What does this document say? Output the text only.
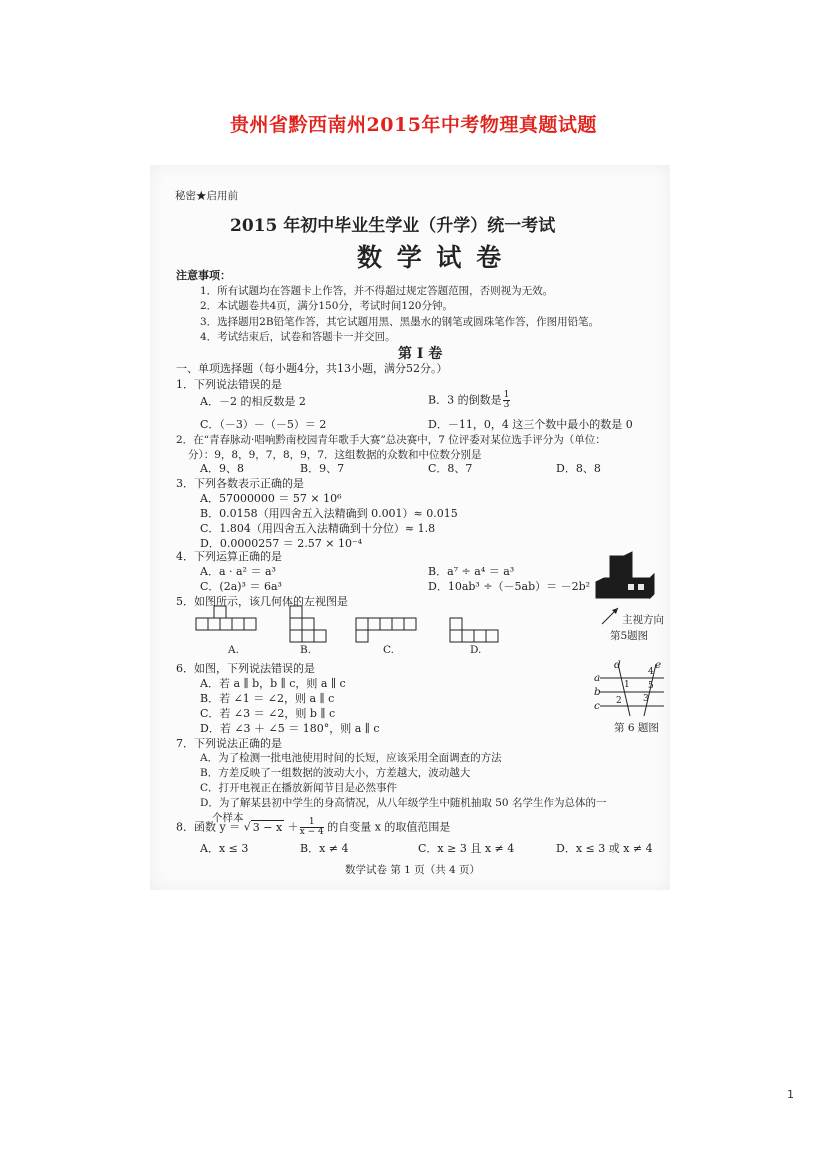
贵州省黔西南州2015年中考物理真题试题
秘密★启用前
2015 年初中毕业生学业（升学）统一考试
数 学 试 卷
注意事项：
1．所有试题均在答题卡上作答，并不得超过规定答题范围，否则视为无效。
2．本试题卷共4页，满分150分，考试时间120分钟。
3．选择题用2B铅笔作答，其它试题用黑、黑墨水的钢笔或圆珠笔作答，作图用铅笔。
4．考试结束后，试卷和答题卡一并交回。
第 I 卷
一、单项选择题（每小题4分，共13小题，满分52分。）
1．下列说法错误的是
A．－2 的相反数是 2	B．3 的倒数是 $\frac{1}{3}$
C．（－3）－（－5）＝ 2	D．－11，0，4 这三个数中最小的数是 0
2．在“青春脉动·唱响黔南校园青年歌手大赛”总决赛中，7 位评委对某位选手评分为（单位：
分）：9，8，9，7，8，9，7．这组数据的众数和中位数分别是
A．9、8	B．9、7	C．8、7	D．8、8
3．下列各数表示正确的是
A．57000000 ＝ 57 × 10⁶
B．0.0158（用四舍五入法精确到 0.001）≈ 0.015
C．1.804（用四舍五入法精确到十分位）≈ 1.8
D．0.0000257 ＝ 2.57 × 10⁻⁴
4．下列运算正确的是
A．a · a² ＝ a³	B．a⁷ ÷ a⁴ ＝ a³
C．(2a)³ ＝ 6a³	D．10ab³ ÷（－5ab）＝ －2b²
5．如图所示，该几何体的左视图是
A.	B.	C.	D.
主视方向
第5题图
6．如图，下列说法错误的是
A．若 a ∥ b，b ∥ c，则 a ∥ c
B．若 ∠1 ＝ ∠2，则 a ∥ c
C．若 ∠3 ＝ ∠2，则 b ∥ c
D．若 ∠3 ＋ ∠5 ＝ 180°，则 a ∥ c
d	e
a
b
c
1
2 3
4
5
第 6 题图
7．下列说法正确的是
A．为了检测一批电池使用时间的长短，应该采用全面调查的方法
B．方差反映了一组数据的波动大小，方差越大，波动越大
C．打开电视正在播放新闻节目是必然事件
D．为了解某县初中学生的身高情况，从八年级学生中随机抽取 50 名学生作为总体的一
个样本
8．函数 y ＝ √ $3 - x + \frac{1}{x - 4}$ 的自变量 x 的取值范围是
A．x ≤ 3	B．x ≠ 4	C．x ≥ 3 且 x ≠ 4	D．x ≤ 3 或 x ≠ 4
数学试卷 第 1 页（共 4 页）
1
